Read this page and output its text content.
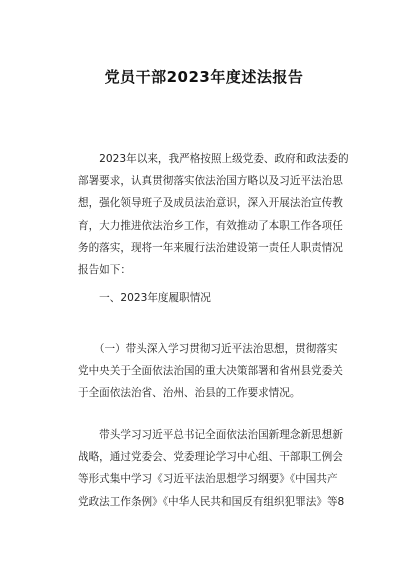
党员干部2023年度述法报告
　　2023年以来，我严格按照上级党委、政府和政法委的
部署要求，认真贯彻落实依法治国方略以及习近平法治思
想，强化领导班子及成员法治意识，深入开展法治宣传教
育，大力推进依法治乡工作，有效推动了本职工作各项任
务的落实，现将一年来履行法治建设第一责任人职责情况
报告如下：
　　一、2023年度履职情况
　　（一）带头深入学习贯彻习近平法治思想，贯彻落实
党中央关于全面依法治国的重大决策部署和省州县党委关
于全面依法治省、治州、治县的工作要求情况。
　　带头学习习近平总书记全面依法治国新理念新思想新
战略，通过党委会、党委理论学习中心组、干部职工例会
等形式集中学习《习近平法治思想学习纲要》《中国共产
党政法工作条例》《中华人民共和国反有组织犯罪法》等8
